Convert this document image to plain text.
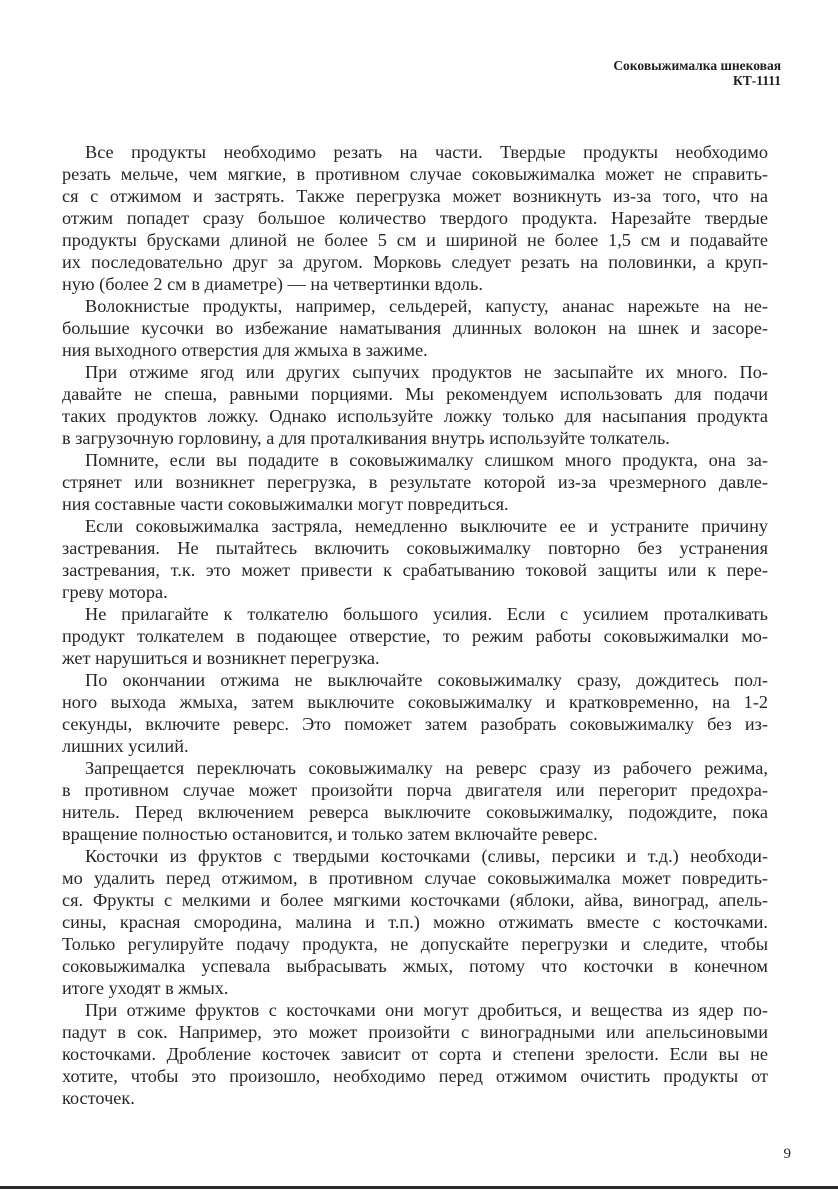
Соковыжималка шнековая
КТ-1111
Все продукты необходимо резать на части. Твердые продукты необходимо
резать мельче, чем мягкие, в противном случае соковыжималка может не справить-
ся с отжимом и застрять. Также перегрузка может возникнуть из-за того, что на
отжим попадет сразу большое количество твердого продукта. Нарезайте твердые
продукты брусками длиной не более 5 см и шириной не более 1,5 см и подавайте
их последовательно друг за другом. Морковь следует резать на половинки, а круп-
ную (более 2 см в диаметре) — на четвертинки вдоль.
Волокнистые продукты, например, сельдерей, капусту, ананас нарежьте на не-
большие кусочки во избежание наматывания длинных волокон на шнек и засоре-
ния выходного отверстия для жмыха в зажиме.
При отжиме ягод или других сыпучих продуктов не засыпайте их много. По-
давайте не спеша, равными порциями. Мы рекомендуем использовать для подачи
таких продуктов ложку. Однако используйте ложку только для насыпания продукта
в загрузочную горловину, а для проталкивания внутрь используйте толкатель.
Помните, если вы подадите в соковыжималку слишком много продукта, она за-
стрянет или возникнет перегрузка, в результате которой из-за чрезмерного давле-
ния составные части соковыжималки могут повредиться.
Если соковыжималка застряла, немедленно выключите ее и устраните причину
застревания. Не пытайтесь включить соковыжималку повторно без устранения
застревания, т.к. это может привести к срабатыванию токовой защиты или к пере-
греву мотора.
Не прилагайте к толкателю большого усилия. Если с усилием проталкивать
продукт толкателем в подающее отверстие, то режим работы соковыжималки мо-
жет нарушиться и возникнет перегрузка.
По окончании отжима не выключайте соковыжималку сразу, дождитесь пол-
ного выхода жмыха, затем выключите соковыжималку и кратковременно, на 1-2
секунды, включите реверс. Это поможет затем разобрать соковыжималку без из-
лишних усилий.
Запрещается переключать соковыжималку на реверс сразу из рабочего режима,
в противном случае может произойти порча двигателя или перегорит предохра-
нитель. Перед включением реверса выключите соковыжималку, подождите, пока
вращение полностью остановится, и только затем включайте реверс.
Косточки из фруктов с твердыми косточками (сливы, персики и т.д.) необходи-
мо удалить перед отжимом, в противном случае соковыжималка может повредить-
ся. Фрукты с мелкими и более мягкими косточками (яблоки, айва, виноград, апель-
сины, красная смородина, малина и т.п.) можно отжимать вместе с косточками.
Только регулируйте подачу продукта, не допускайте перегрузки и следите, чтобы
соковыжималка успевала выбрасывать жмых, потому что косточки в конечном
итоге уходят в жмых.
При отжиме фруктов с косточками они могут дробиться, и вещества из ядер по-
падут в сок. Например, это может произойти с виноградными или апельсиновыми
косточками. Дробление косточек зависит от сорта и степени зрелости. Если вы не
хотите, чтобы это произошло, необходимо перед отжимом очистить продукты от
косточек.
9
